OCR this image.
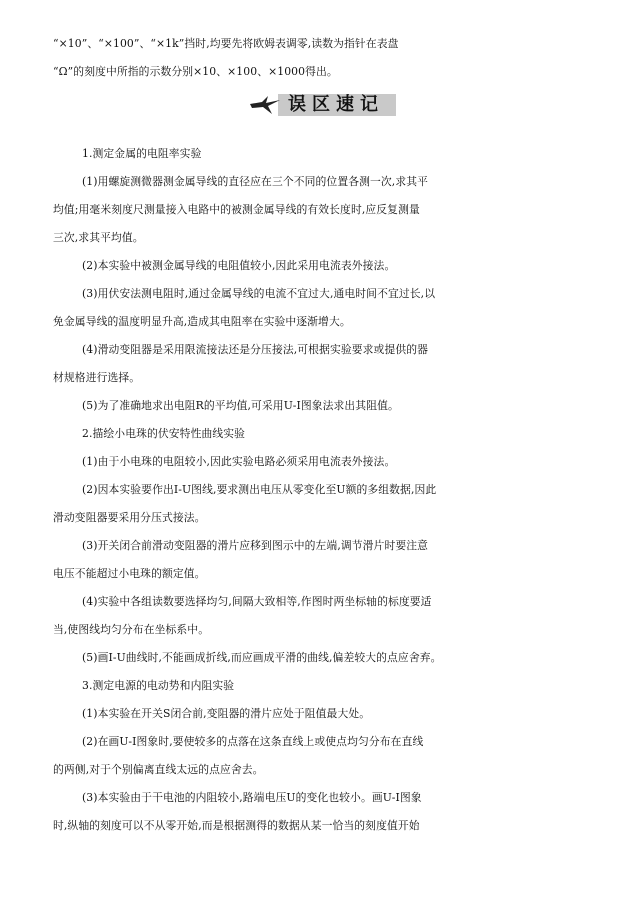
“×10”、“×100”、“×1k”挡时,均要先将欧姆表调零,读数为指针在表盘
“Ω”的刻度中所指的示数分别×10、×100、×1000得出。
误区速记
1.测定金属的电阻率实验
(1)用螺旋测微器测金属导线的直径应在三个不同的位置各测一次,求其平
均值;用毫米刻度尺测量接入电路中的被测金属导线的有效长度时,应反复测量
三次,求其平均值。
(2)本实验中被测金属导线的电阻值较小,因此采用电流表外接法。
(3)用伏安法测电阻时,通过金属导线的电流不宜过大,通电时间不宜过长,以
免金属导线的温度明显升高,造成其电阻率在实验中逐渐增大。
(4)滑动变阻器是采用限流接法还是分压接法,可根据实验要求或提供的器
材规格进行选择。
(5)为了准确地求出电阻R的平均值,可采用U-I图象法求出其阻值。
2.描绘小电珠的伏安特性曲线实验
(1)由于小电珠的电阻较小,因此实验电路必须采用电流表外接法。
(2)因本实验要作出I-U图线,要求测出电压从零变化至U额的多组数据,因此
滑动变阻器要采用分压式接法。
(3)开关闭合前滑动变阻器的滑片应移到图示中的左端,调节滑片时要注意
电压不能超过小电珠的额定值。
(4)实验中各组读数要选择均匀,间隔大致相等,作图时两坐标轴的标度要适
当,使图线均匀分布在坐标系中。
(5)画I-U曲线时,不能画成折线,而应画成平滑的曲线,偏差较大的点应舍弃。
3.测定电源的电动势和内阻实验
(1)本实验在开关S闭合前,变阻器的滑片应处于阻值最大处。
(2)在画U-I图象时,要使较多的点落在这条直线上或使点均匀分布在直线
的两侧,对于个别偏离直线太远的点应舍去。
(3)本实验由于干电池的内阻较小,路端电压U的变化也较小。画U-I图象
时,纵轴的刻度可以不从零开始,而是根据测得的数据从某一恰当的刻度值开始
